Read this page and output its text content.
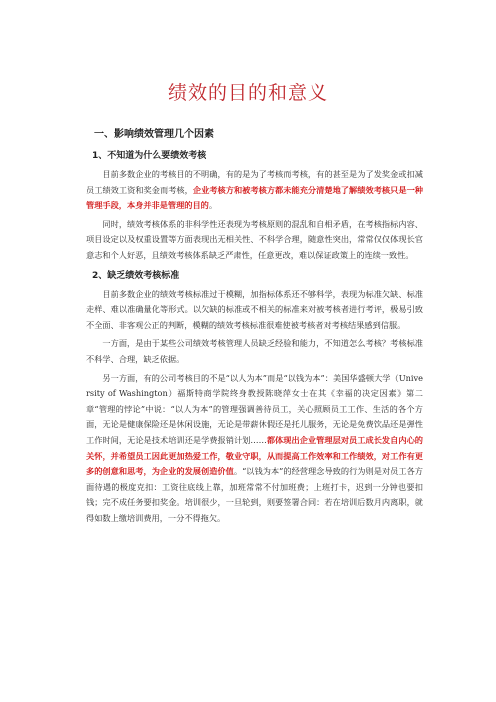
绩效的目的和意义
一、影响绩效管理几个因素
1、不知道为什么要绩效考核

目前多数企业的考核目的不明确，有的是为了考核而考核，有的甚至是为了发奖金或扣减员工绩效工资和奖金而考核，企业考核方和被考核方都未能充分清楚地了解绩效考核只是一种管理手段，本身并非是管理的目的。

同时，绩效考核体系的非科学性还表现为考核原则的混乱和自相矛盾，在考核指标内容、项目设定以及权重设置等方面表现出无相关性、不科学合理，随意性突出，常常仅仅体现长官意志和个人好恶，且绩效考核体系缺乏严肃性，任意更改，难以保证政策上的连续一致性。

2、缺乏绩效考核标准

目前多数企业的绩效考核标准过于模糊，加指标体系还不够科学，表现为标准欠缺、标准走样、难以准确量化等形式。以欠缺的标准或不相关的标准来对被考核者进行考评，极易引致不全面、非客观公正的判断，模糊的绩效考核标准很难使被考核者对考核结果感到信服。

一方面，是由于某些公司绩效考核管理人员缺乏经验和能力，不知道怎么考核？考核标准不科学、合理，缺乏依据。

另一方面，有的公司考核目的不是“以人为本”而是“以钱为本”：美国华盛顿大学（University of Washington）福斯特商学院终身教授陈晓萍女士在其《幸福的决定因素》第二章“管理的悖论”中说：“以人为本”的管理强调善待员工，关心照顾员工工作、生活的各个方面，无论是健康保险还是休闲设施，无论是带薪休假还是托儿服务，无论是免费饮品还是弹性工作时间，无论是技术培训还是学费报销计划……都体现出企业管理层对员工成长发自内心的关怀，并希望员工因此更加热爱工作，敬业守职，从而提高工作效率和工作绩效，对工作有更多的创意和思考，为企业的发展创造价值。“以钱为本”的经营理念导致的行为则是对员工各方面待遇的极度克扣：工资往底线上靠，加班常常不付加班费；上班打卡，迟到一分钟也要扣钱；完不成任务要扣奖金。培训很少，一旦轮到，则要签署合同：若在培训后数月内离职，就得如数上缴培训费用，一分不得拖欠。
